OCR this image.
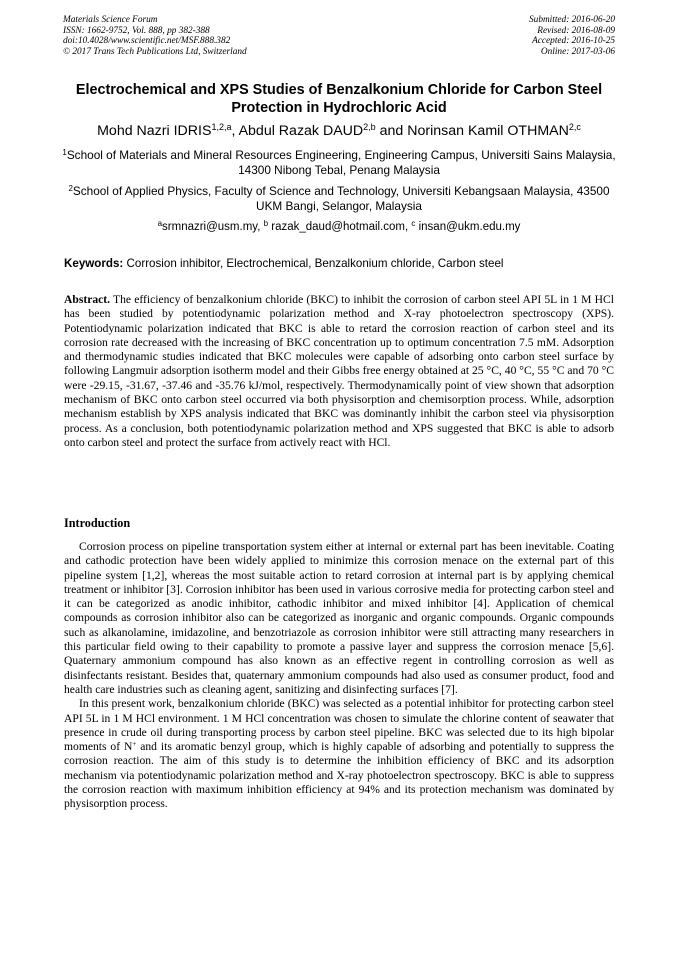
Materials Science Forum
ISSN: 1662-9752, Vol. 888, pp 382-388
doi:10.4028/www.scientific.net/MSF.888.382
© 2017 Trans Tech Publications Ltd, Switzerland
Submitted: 2016-06-20
Revised: 2016-08-09
Accepted: 2016-10-25
Online: 2017-03-06
Electrochemical and XPS Studies of Benzalkonium Chloride for Carbon Steel Protection in Hydrochloric Acid
Mohd Nazri IDRIS$^{1,2,a}$, Abdul Razak DAUD$^{2,b}$ and Norinsan Kamil OTHMAN$^{2,c}$
$^1$School of Materials and Mineral Resources Engineering, Engineering Campus, Universiti Sains Malaysia, 14300 Nibong Tebal, Penang Malaysia
$^2$School of Applied Physics, Faculty of Science and Technology, Universiti Kebangsaan Malaysia, 43500 UKM Bangi, Selangor, Malaysia
$^a$srmnazri@usm.my, $^b$ razak_daud@hotmail.com, $^c$ insan@ukm.edu.my
Keywords: Corrosion inhibitor, Electrochemical, Benzalkonium chloride, Carbon steel
Abstract. The efficiency of benzalkonium chloride (BKC) to inhibit the corrosion of carbon steel API 5L in 1 M HCl has been studied by potentiodynamic polarization method and X-ray photoelectron spectroscopy (XPS). Potentiodynamic polarization indicated that BKC is able to retard the corrosion reaction of carbon steel and its corrosion rate decreased with the increasing of BKC concentration up to optimum concentration 7.5 mM. Adsorption and thermodynamic studies indicated that BKC molecules were capable of adsorbing onto carbon steel surface by following Langmuir adsorption isotherm model and their Gibbs free energy obtained at 25 °C, 40 °C, 55 °C and 70 °C were -29.15, -31.67, -37.46 and -35.76 kJ/mol, respectively. Thermodynamically point of view shown that adsorption mechanism of BKC onto carbon steel occurred via both physisorption and chemisorption process. While, adsorption mechanism establish by XPS analysis indicated that BKC was dominantly inhibit the carbon steel via physisorption process. As a conclusion, both potentiodynamic polarization method and XPS suggested that BKC is able to adsorb onto carbon steel and protect the surface from actively react with HCl.
Introduction

Corrosion process on pipeline transportation system either at internal or external part has been inevitable. Coating and cathodic protection have been widely applied to minimize this corrosion menace on the external part of this pipeline system [1,2], whereas the most suitable action to retard corrosion at internal part is by applying chemical treatment or inhibitor [3]. Corrosion inhibitor has been used in various corrosive media for protecting carbon steel and it can be categorized as anodic inhibitor, cathodic inhibitor and mixed inhibitor [4]. Application of chemical compounds as corrosion inhibitor also can be categorized as inorganic and organic compounds. Organic compounds such as alkanolamine, imidazoline, and benzotriazole as corrosion inhibitor were still attracting many researchers in this particular field owing to their capability to promote a passive layer and suppress the corrosion menace [5,6]. Quaternary ammonium compound has also known as an effective regent in controlling corrosion as well as disinfectants resistant. Besides that, quaternary ammonium compounds had also used as consumer product, food and health care industries such as cleaning agent, sanitizing and disinfecting surfaces [7].

In this present work, benzalkonium chloride (BKC) was selected as a potential inhibitor for protecting carbon steel API 5L in 1 M HCl environment. 1 M HCl concentration was chosen to simulate the chlorine content of seawater that presence in crude oil during transporting process by carbon steel pipeline. BKC was selected due to its high bipolar moments of N+ and its aromatic benzyl group, which is highly capable of adsorbing and potentially to suppress the corrosion reaction. The aim of this study is to determine the inhibition efficiency of BKC and its adsorption mechanism via potentiodynamic polarization method and X-ray photoelectron spectroscopy. BKC is able to suppress the corrosion reaction with maximum inhibition efficiency at 94% and its protection mechanism was dominated by physisorption process.
